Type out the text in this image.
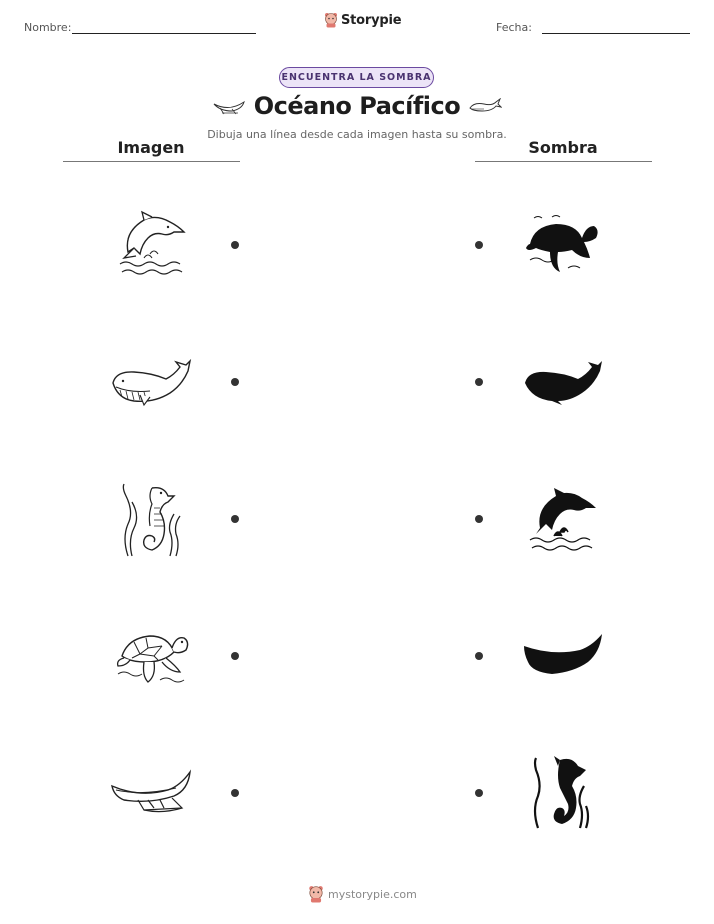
Nombre:	Storypie	Fecha:
ENCUENTRA LA SOMBRA
Océano Pacífico
Dibuja una línea desde cada imagen hasta su sombra.
Imagen	Sombra
mystorypie.com
